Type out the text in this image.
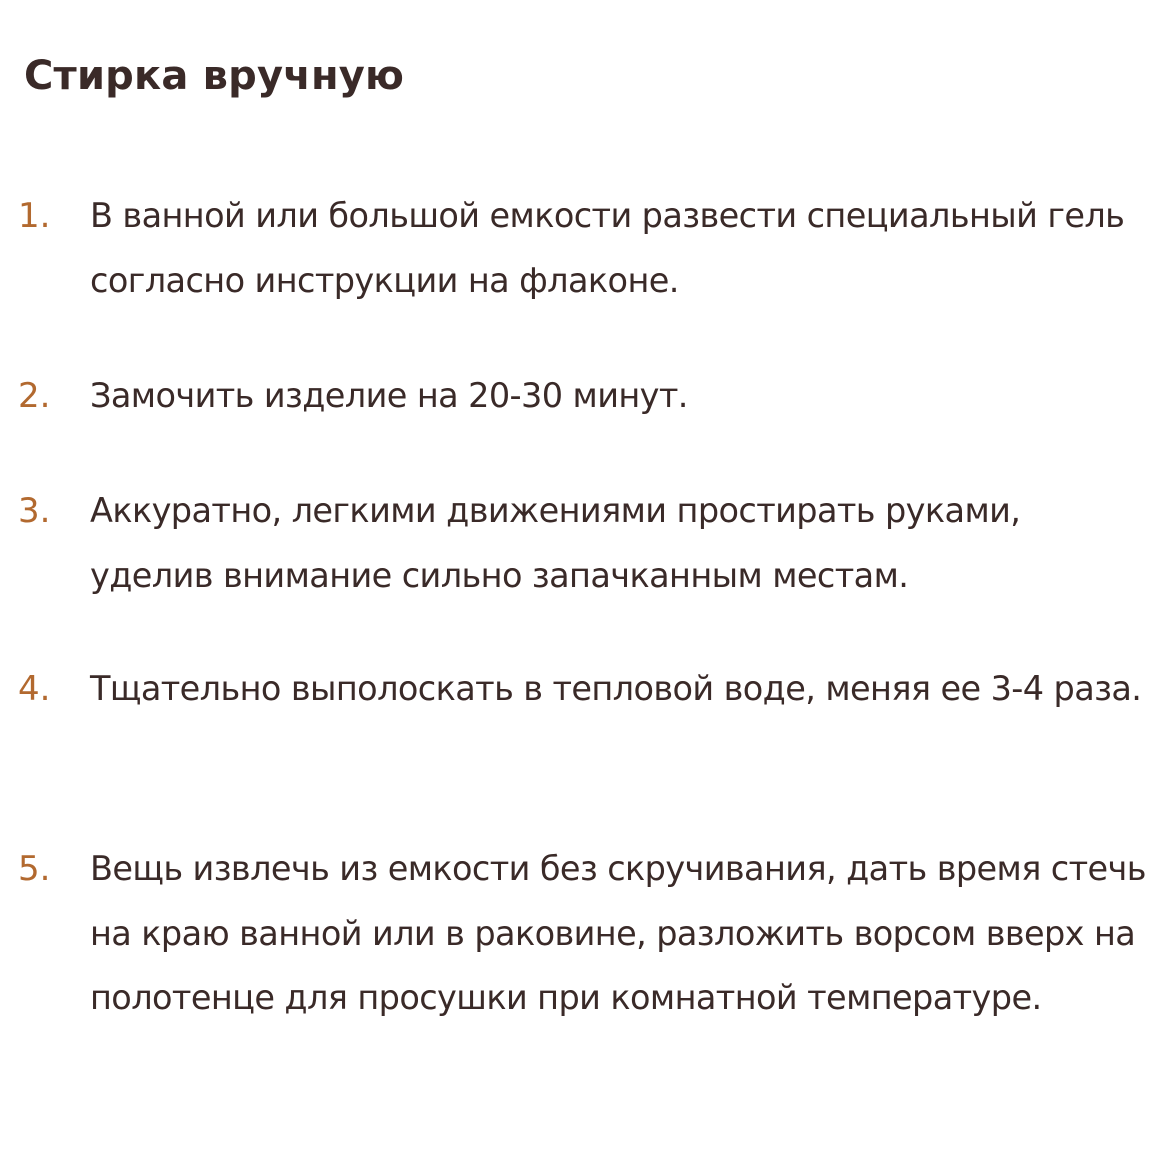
Стирка вручную
1.	В ванной или большой емкости развести специальный гель согласно инструкции на флаконе.
2.	Замочить изделие на 20-30 минут.
3.	Аккуратно, легкими движениями простирать руками, уделив внимание сильно запачканным местам.
4.	Тщательно выполоскать в тепловой воде, меняя ее 3-4 раза.
5.	Вещь извлечь из емкости без скручивания, дать время стечь на краю ванной или в раковине, разложить ворсом вверх на полотенце для просушки при комнатной температуре.
